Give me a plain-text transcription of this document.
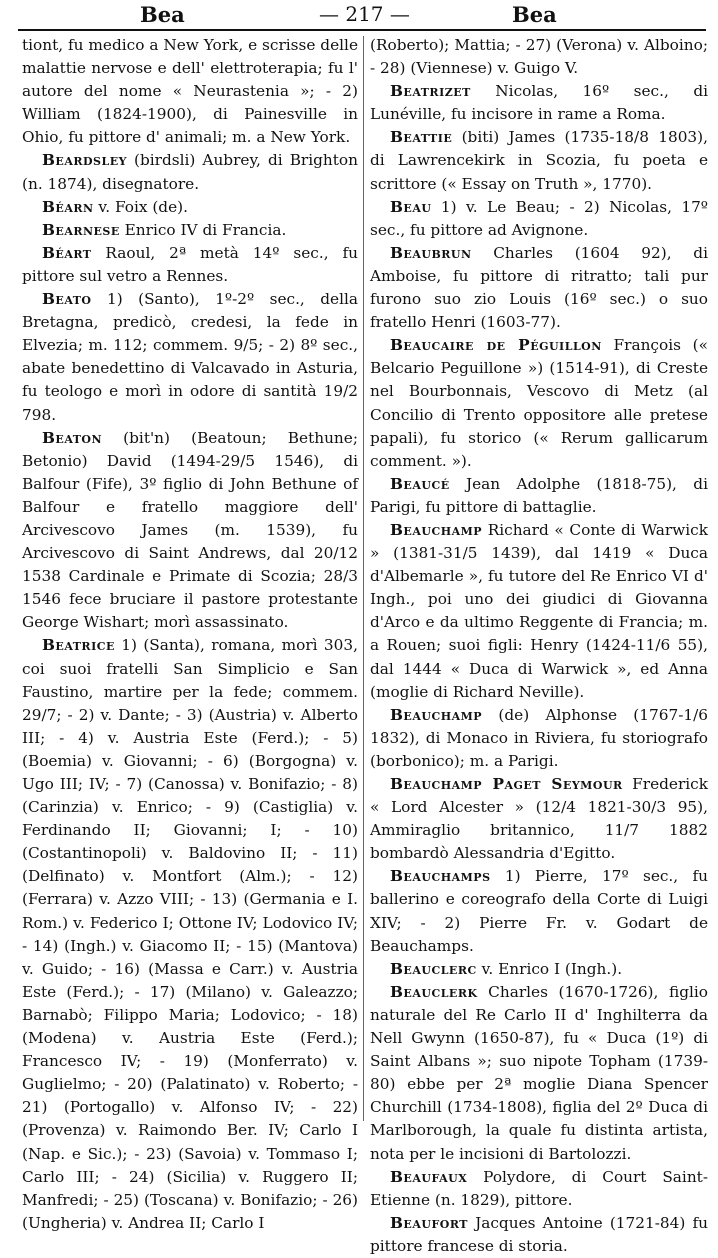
Bea	— 217 —	Bea

tiont, fu medico a New York, e scrisse delle malattie nervose e dell' elettroterapia; fu l' autore del nome « Neurastenia »; - 2) William (1824-1900), di Painesville in Ohio, fu pittore d' animali; m. a New York.

Beardsley (birdsli) Aubrey, di Brighton (n. 1874), disegnatore.

Béarn v. Foix (de).

Bearnese Enrico IV di Francia.

Béart Raoul, 2ª metà 14º sec., fu pittore sul vetro a Rennes.

Beato 1) (Santo), 1º-2º sec., della Bretagna, predicò, credesi, la fede in Elvezia; m. 112; commem. 9/5; - 2) 8º sec., abate benedettino di Valcavado in Asturia, fu teologo e morì in odore di santità 19/2 798.

Beaton (bit'n) (Beatoun; Bethune; Betonio) David (1494-29/5 1546), di Balfour (Fife), 3º figlio di John Bethune of Balfour e fratello maggiore dell' Arcivescovo James (m. 1539), fu Arcivescovo di Saint Andrews, dal 20/12 1538 Cardinale e Primate di Scozia; 28/3 1546 fece bruciare il pastore protestante George Wishart; morì assassinato.

Beatrice 1) (Santa), romana, morì 303, coi suoi fratelli San Simplicio e San Faustino, martire per la fede; commem. 29/7; - 2) v. Dante; - 3) (Austria) v. Alberto III; - 4) v. Austria Este (Ferd.); - 5) (Boemia) v. Giovanni; - 6) (Borgogna) v. Ugo III; IV; - 7) (Canossa) v. Bonifazio; - 8) (Carinzia) v. Enrico; - 9) (Castiglia) v. Ferdinando II; Giovanni; I; - 10) (Costantinopoli) v. Baldovino II; - 11) (Delfinato) v. Montfort (Alm.); - 12) (Ferrara) v. Azzo VIII; - 13) (Germania e I. Rom.) v. Federico I; Ottone IV; Lodovico IV; - 14) (Ingh.) v. Giacomo II; - 15) (Mantova) v. Guido; - 16) (Massa e Carr.) v. Austria Este (Ferd.); - 17) (Milano) v. Galeazzo; Barnabò; Filippo Maria; Lodovico; - 18) (Modena) v. Austria Este (Ferd.); Francesco IV; - 19) (Monferrato) v. Guglielmo; - 20) (Palatinato) v. Roberto; - 21) (Portogallo) v. Alfonso IV; - 22) (Provenza) v. Raimondo Ber. IV; Carlo I (Nap. e Sic.); - 23) (Savoia) v. Tommaso I; Carlo III; - 24) (Sicilia) v. Ruggero II; Manfredi; - 25) (Toscana) v. Bonifazio; - 26) (Ungheria) v. Andrea II; Carlo I

(Roberto); Mattia; - 27) (Verona) v. Alboino; - 28) (Viennese) v. Guigo V.

Beatrizet Nicolas, 16º sec., di Lunéville, fu incisore in rame a Roma.

Beattie (biti) James (1735-18/8 1803), di Lawrencekirk in Scozia, fu poeta e scrittore (« Essay on Truth », 1770).

Beau 1) v. Le Beau; - 2) Nicolas, 17º sec., fu pittore ad Avignone.

Beaubrun Charles (1604 92), di Amboise, fu pittore di ritratto; tali pur furono suo zio Louis (16º sec.) o suo fratello Henri (1603-77).

Beaucaire de Péguillon François (« Belcario Peguillone ») (1514-91), di Creste nel Bourbonnais, Vescovo di Metz (al Concilio di Trento oppositore alle pretese papali), fu storico (« Rerum gallicarum comment. »).

Beaucé Jean Adolphe (1818-75), di Parigi, fu pittore di battaglie.

Beauchamp Richard « Conte di Warwick » (1381-31/5 1439), dal 1419 « Duca d'Albemarle », fu tutore del Re Enrico VI d' Ingh., poi uno dei giudici di Giovanna d'Arco e da ultimo Reggente di Francia; m. a Rouen; suoi figli: Henry (1424-11/6 55), dal 1444 « Duca di Warwick », ed Anna (moglie di Richard Neville).

Beauchamp (de) Alphonse (1767-1/6 1832), di Monaco in Riviera, fu storiografo (borbonico); m. a Parigi.

Beauchamp Paget Seymour Frederick « Lord Alcester » (12/4 1821-30/3 95), Ammiraglio britannico, 11/7 1882 bombardò Alessandria d'Egitto.

Beauchamps 1) Pierre, 17º sec., fu ballerino e coreografo della Corte di Luigi XIV; - 2) Pierre Fr. v. Godart de Beauchamps.

Beauclerc v. Enrico I (Ingh.).

Beauclerk Charles (1670-1726), figlio naturale del Re Carlo II d' Inghilterra da Nell Gwynn (1650-87), fu « Duca (1º) di Saint Albans »; suo nipote Topham (1739-80) ebbe per 2ª moglie Diana Spencer Churchill (1734-1808), figlia del 2º Duca di Marlborough, la quale fu distinta artista, nota per le incisioni di Bartolozzi.

Beaufaux Polydore, di Court Saint-Etienne (n. 1829), pittore.

Beaufort Jacques Antoine (1721-84) fu pittore francese di storia.
